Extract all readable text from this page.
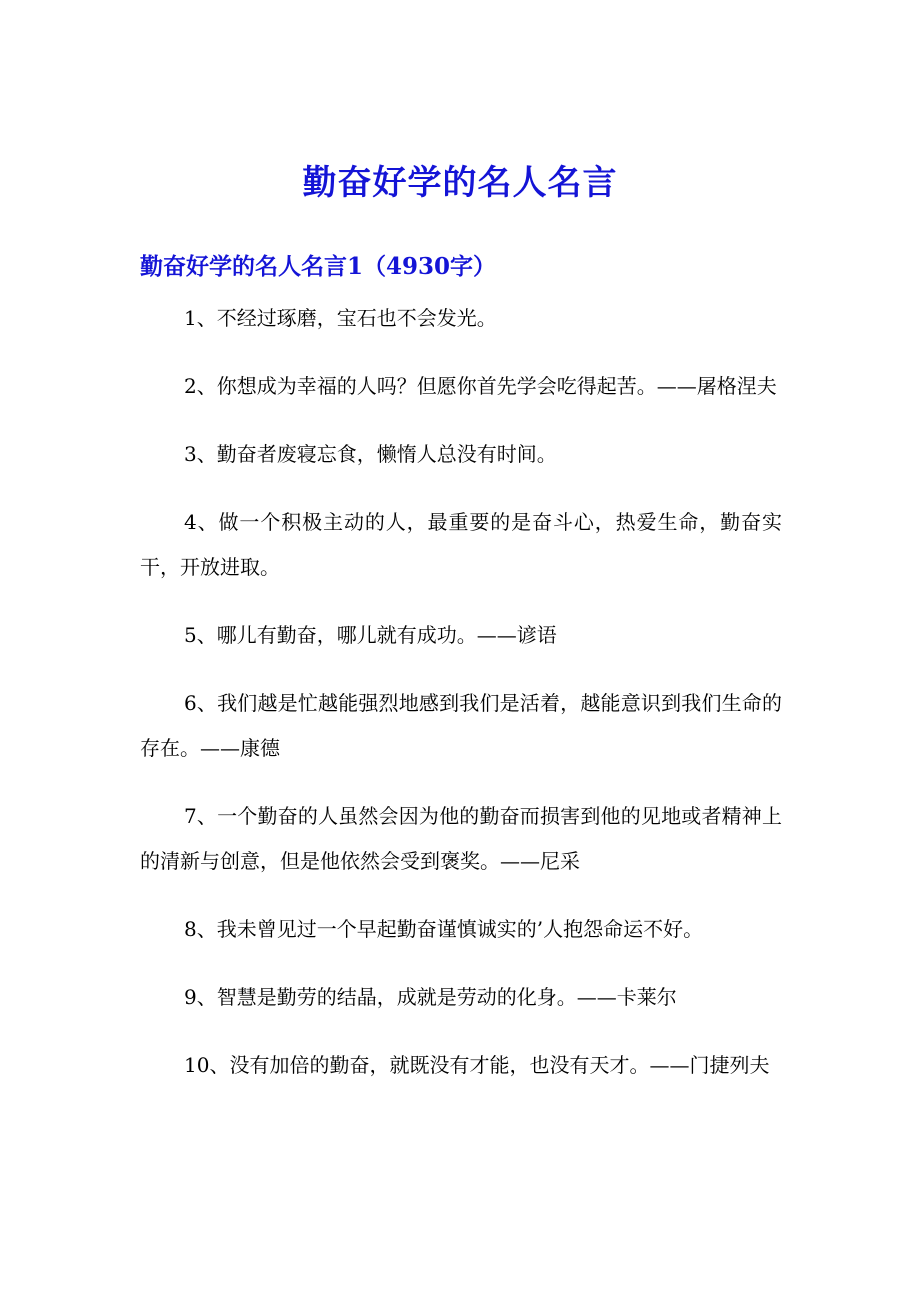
勤奋好学的名人名言
勤奋好学的名人名言1（4930字）
1、不经过琢磨，宝石也不会发光。
2、你想成为幸福的人吗？但愿你首先学会吃得起苦。——屠格涅夫
3、勤奋者废寝忘食，懒惰人总没有时间。
4、做一个积极主动的人，最重要的是奋斗心，热爱生命，勤奋实干，开放进取。
5、哪儿有勤奋，哪儿就有成功。——谚语
6、我们越是忙越能强烈地感到我们是活着，越能意识到我们生命的存在。——康德
7、一个勤奋的人虽然会因为他的勤奋而损害到他的见地或者精神上的清新与创意，但是他依然会受到褒奖。——尼采
8、我未曾见过一个早起勤奋谨慎诚实的’人抱怨命运不好。
9、智慧是勤劳的结晶，成就是劳动的化身。——卡莱尔
10、没有加倍的勤奋，就既没有才能，也没有天才。——门捷列夫
